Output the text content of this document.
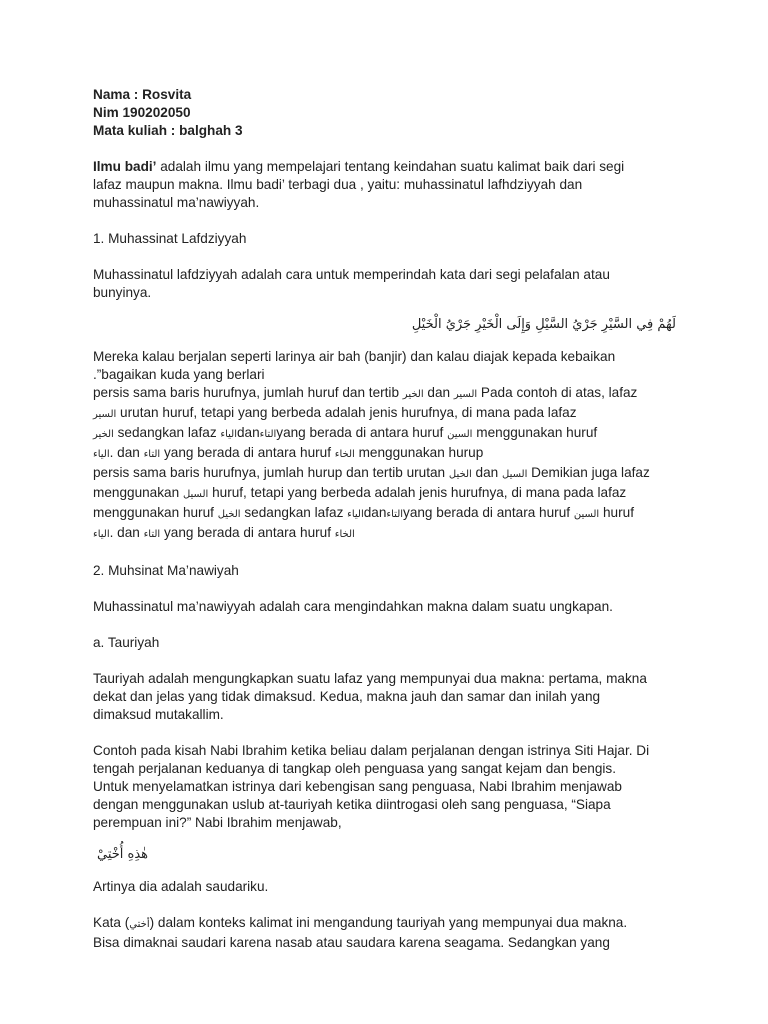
Nama : Rosvita
Nim 190202050
Mata kuliah : balghah 3
Ilmu badi’ adalah ilmu yang mempelajari tentang keindahan suatu kalimat baik dari segi
lafaz maupun makna. Ilmu badi’ terbagi dua , yaitu: muhassinatul lafhdziyyah dan
muhassinatul ma’nawiyyah.
1. Muhassinat Lafdziyyah
Muhassinatul lafdziyyah adalah cara untuk memperindah kata dari segi pelafalan atau
bunyinya.
لَهُمْ فِي السَّيْرِ جَرْيُ السَّيْلِ وَإِلَى الْخَيْرِ جَرْيُ الْخَيْلِ
Mereka kalau berjalan seperti larinya air bah (banjir) dan kalau diajak kepada kebaikan
.”bagaikan kuda yang berlari
persis sama baris hurufnya, jumlah huruf dan tertib الخير dan السير Pada contoh di atas, lafaz
السير urutan huruf, tetapi yang berbeda adalah jenis hurufnya, di mana pada lafaz
الخير sedangkan lafaz الياءdanالتاءyang berada di antara huruf السين menggunakan huruf
الياء. dan التاء yang berada di antara huruf الخاء menggunakan hurup
persis sama baris hurufnya, jumlah hurup dan tertib urutan الخيل dan السيل Demikian juga lafaz
menggunakan السيل huruf, tetapi yang berbeda adalah jenis hurufnya, di mana pada lafaz
menggunakan huruf الخيل sedangkan lafaz الياءdanالتاءyang berada di antara huruf السين huruf
الياء. dan التاء yang berada di antara huruf الخاء
2. Muhsinat Ma’nawiyah
Muhassinatul ma’nawiyyah adalah cara mengindahkan makna dalam suatu ungkapan.
a. Tauriyah
Tauriyah adalah mengungkapkan suatu lafaz yang mempunyai dua makna: pertama, makna
dekat dan jelas yang tidak dimaksud. Kedua, makna jauh dan samar dan inilah yang
dimaksud mutakallim.
Contoh pada kisah Nabi Ibrahim ketika beliau dalam perjalanan dengan istrinya Siti Hajar. Di
tengah perjalanan keduanya di tangkap oleh penguasa yang sangat kejam dan bengis.
Untuk menyelamatkan istrinya dari kebengisan sang penguasa, Nabi Ibrahim menjawab
dengan menggunakan uslub at-tauriyah ketika diintrogasi oleh sang penguasa, “Siapa
perempuan ini?” Nabi Ibrahim menjawab,
هٰذِهِ أُخْتِيْ
Artinya dia adalah saudariku.
Kata (أختي) dalam konteks kalimat ini mengandung tauriyah yang mempunyai dua makna.
Bisa dimaknai saudari karena nasab atau saudara karena seagama. Sedangkan yang
